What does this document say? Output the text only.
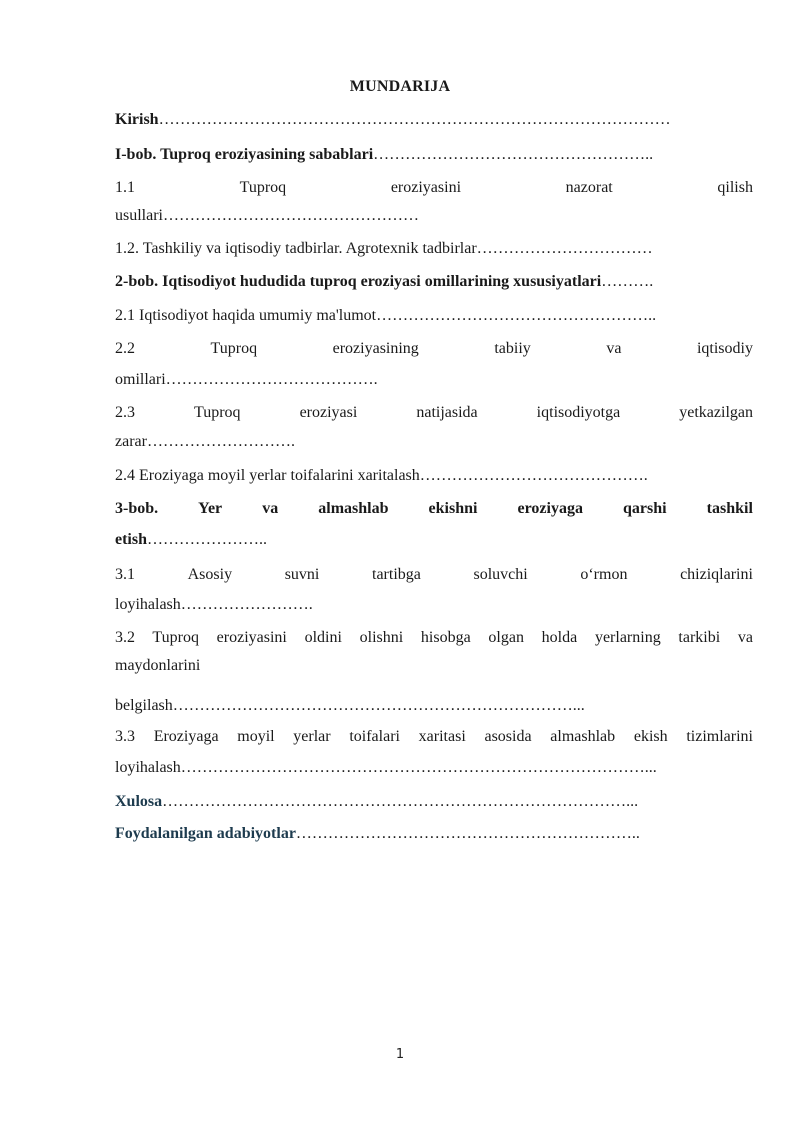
MUNDARIJA
Kirish……………………………………………………………………………………
I-bob. Tuproq eroziyasining sabablari……………………………………………..
1.1	Tuproq	eroziyasini	nazorat	qilish
usullari…………………………………………
1.2. Tashkiliy va iqtisodiy tadbirlar. Agrotexnik tadbirlar……………………………
2-bob. Iqtisodiyot hududida tuproq eroziyasi omillarining xususiyatlari……….
2.1 Iqtisodiyot haqida umumiy ma'lumot……………………………………………..
2.2	Tuproq	eroziyasining	tabiiy	va	iqtisodiy
omillari………………………………….
2.3	Tuproq	eroziyasi	natijasida	iqtisodiyotga	yetkazilgan
zarar……………………….
2.4 Eroziyaga moyil yerlar toifalarini xaritalash…………………………………….
3-bob.	Yer	va	almashlab	ekishni	eroziyaga	qarshi	tashkil
etish…………………..
3.1	Asosiy	suvni	tartibga	soluvchi	o‘rmon	chiziqlarini
loyihalash…………………….
3.2 Tuproq eroziyasini oldini olishni hisobga olgan holda yerlarning tarkibi va
maydonlarini
belgilash…………………………………………………………………...
3.3 Eroziyaga moyil yerlar toifalari xaritasi asosida almashlab ekish tizimlarini
loyihalash……………………………………………………………………………...
Xulosa……………………………………………………………………………...
Foydalanilgan adabiyotlar………………………………………………………..
1
